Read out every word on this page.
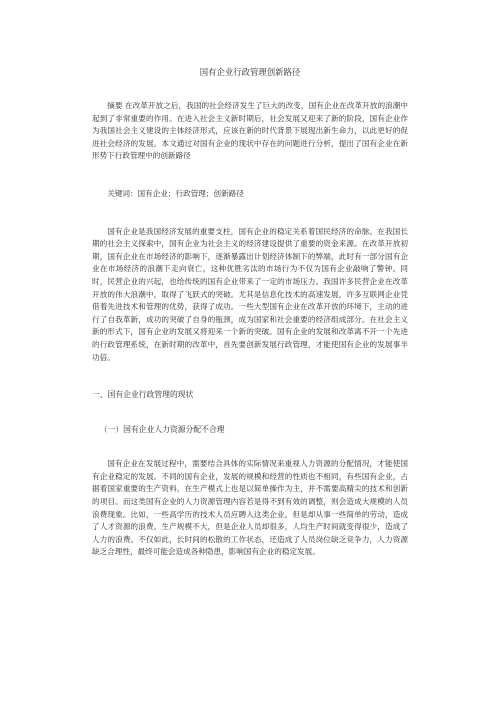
国有企业行政管理创新路径

摘要 在改革开放之后，我国的社会经济发生了巨大的改变，国有企业在改革开放的浪潮中起到了非常重要的作用。在进入社会主义新时期后，社会发展又迎来了新的阶段，国有企业作为我国社会主义建设的主体经济形式，应该在新的时代背景下展现出新生命力，以此更好的促进社会经济的发展。本文通过对国有企业的现状中存在的问题进行分析，提出了国有企业在新形势下行政管理中的创新路径

关键词：国有企业；行政管理；创新路径

国有企业是我国经济发展的重要支柱，国有企业的稳定关系着国民经济的命脉。在我国长期的社会主义探索中，国有企业为社会主义的经济建设提供了重要的资金来源。在改革开放初期，国有企业在市场经济的影响下，逐渐暴露出计划经济体制下的弊端，此时有一部分国有企业在市场经济的浪潮下走向衰亡，这种优胜劣汰的市场行为不仅为国有企业敲响了警钟。同时，民营企业的兴起，也给传统的国有企业带来了一定的市场压力。我国许多民营企业在改革开放的伟大浪潮中，取得了飞跃式的突破。尤其是信息化技术的高速发展，许多互联网企业凭借着先进技术和管理的优势，获得了成功。一些大型国有企业在改革开放的环境下，主动的进行了自我革新，成功的突破了自身的瓶颈，成为国家和社会重要的经济组成部分。在社会主义新的形式下，国有企业的发展又将迎来一个新的突破。国有企业的发展和改革离不开一个先进的行政管理系统，在新时期的改革中，首先要创新发展行政管理，才能使国有企业的发展事半功倍。

一、国有企业行政管理的现状

（一）国有企业人力资源分配不合理

国有企业在发展过程中，需要结合具体的实际情况来重视人力资源的分配情况，才能使国有企业稳定的发展。不同的国有企业，发展的规模和经营的性质也不相同，有些国有企业，占据着国家重要的生产资料，在生产模式上也是以简单操作为主，并不需要高精尖的技术和创新的项目。而这类国有企业的人力资源管理内容若是得不到有效的调整，则会造成大规模的人员浪费现象。比如，一些高学历的技术人员应聘入这类企业，但是却从事一些简单的劳动，造成了人才资源的浪费。生产规模不大，但是企业人员却很多，人均生产时间就变得很少，造成了人力的浪费。不仅如此，长时间的松散的工作状态，还造成了人员岗位缺乏竞争力，人力资源缺乏合理性，最终可能会造成各种隐患，影响国有企业的稳定发展。
